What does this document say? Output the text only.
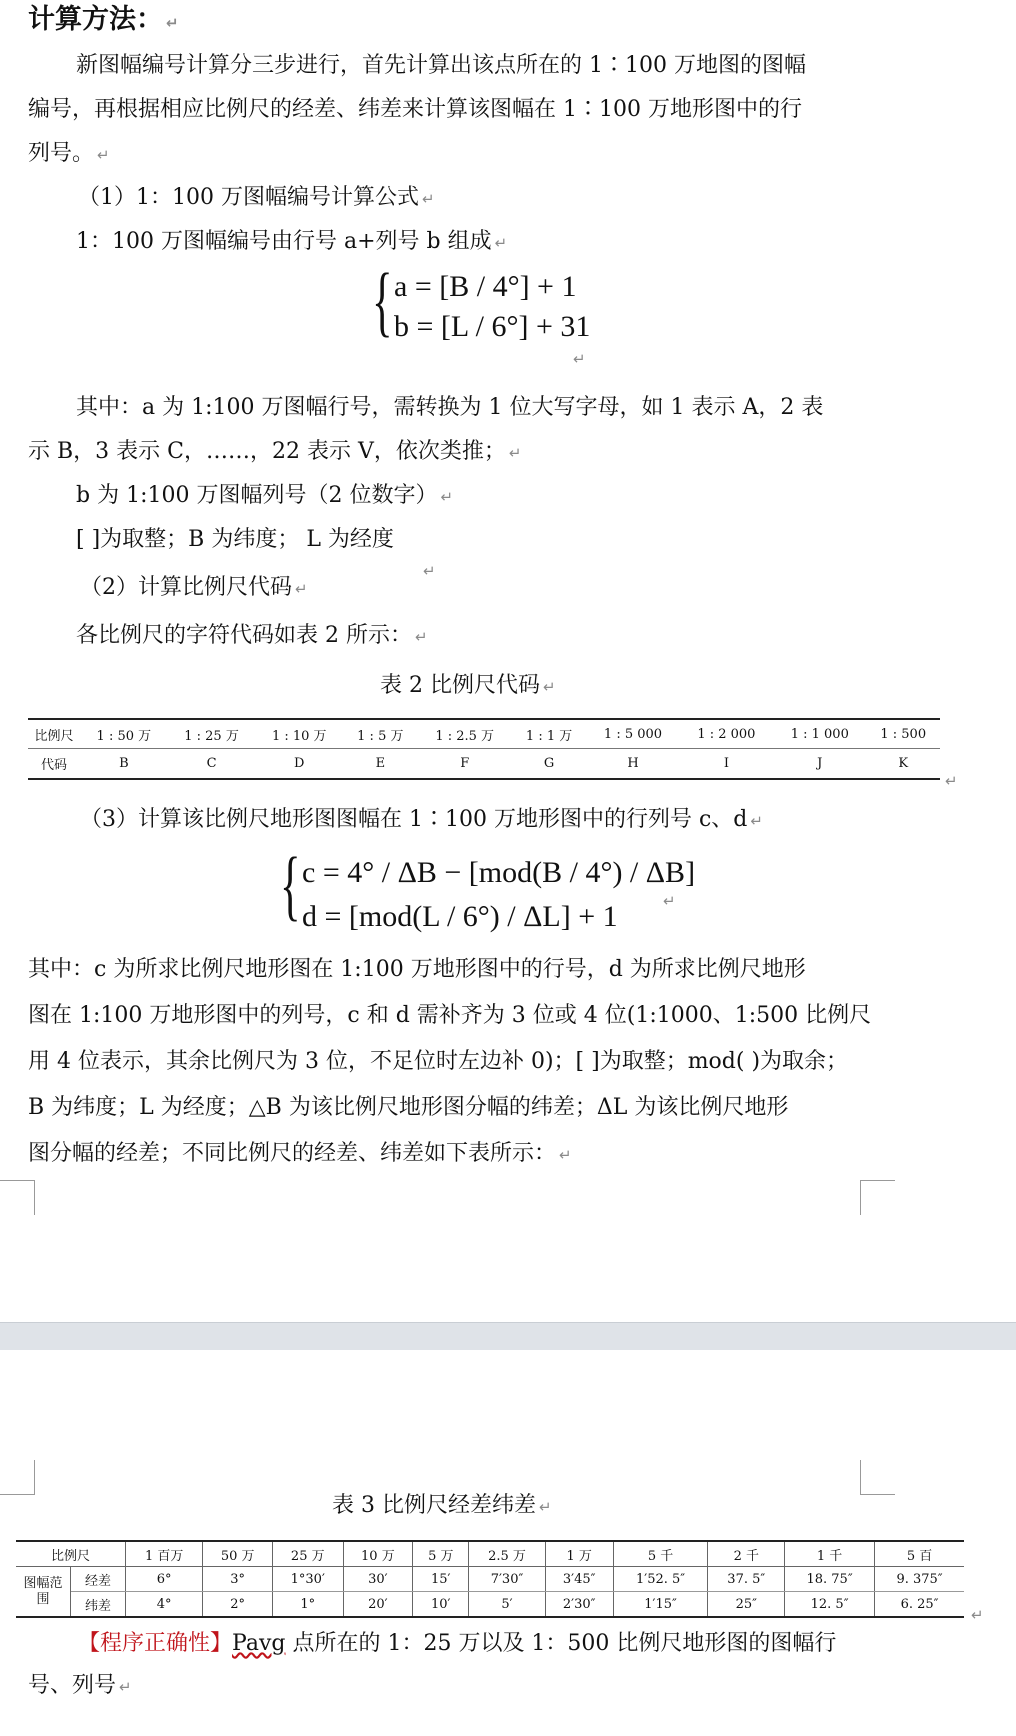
计算方法： ↵
新图幅编号计算分三步进行，首先计算出该点所在的 1∶100 万地图的图幅
编号，再根据相应比例尺的经差、纬差来计算该图幅在 1∶100 万地形图中的行
列号。 ↵
（1）1：100 万图幅编号计算公式 ↵
1：100 万图幅编号由行号 a+列号 b 组成 ↵
{ a = [B / 4°] + 1
b = [L / 6°] + 31
↵
其中：a 为 1:100 万图幅行号，需转换为 1 位大写字母，如 1 表示 A，2 表
示 B，3 表示 C，……，22 表示 V，依次类推； ↵
b 为 1:100 万图幅列号（2 位数字） ↵
[ ]为取整；B 为纬度； L 为经度
↵
（2）计算比例尺代码 ↵
各比例尺的字符代码如表 2 所示： ↵
表 2 比例尺代码 ↵
比例尺	1 : 50 万	1 : 25 万	1 : 10 万	1 : 5 万	1 : 2.5 万	1 : 1 万	1 : 5 000	1 : 2 000	1 : 1 000	1 : 500
代码	B	C	D	E	F	G	H	I	J	K
↵
（3）计算该比例尺地形图图幅在 1∶100 万地形图中的行列号 c、d ↵
{ c = 4° / ΔB − [mod(B / 4°) / ΔB]
d = [mod(L / 6°) / ΔL] + 1	↵
其中：c 为所求比例尺地形图在 1:100 万地形图中的行号，d 为所求比例尺地形
图在 1:100 万地形图中的列号，c 和 d 需补齐为 3 位或 4 位(1:1000、1:500 比例尺
用 4 位表示，其余比例尺为 3 位，不足位时左边补 0)；[ ]为取整；mod( )为取余；
B 为纬度；L 为经度；△B 为该比例尺地形图分幅的纬差；ΔL 为该比例尺地形
图分幅的经差；不同比例尺的经差、纬差如下表所示： ↵
表 3 比例尺经差纬差 ↵
比例尺		1 百万	50 万	25 万	10 万	5 万	2.5 万	1 万	5 千	2 千	1 千	5 百
图幅范围	经差	6°	3°	1°30′	30′	15′	7′30″	3′45″	1′52. 5″	37. 5″	18. 75″	9. 375″
	纬差	4°	2°	1°	20′	10′	5′	2′30″	1′15″	25″	12. 5″	6. 25″
↵
【程序正确性】Pavg 点所在的 1：25 万以及 1：500 比例尺地形图的图幅行
号、列号 ↵
